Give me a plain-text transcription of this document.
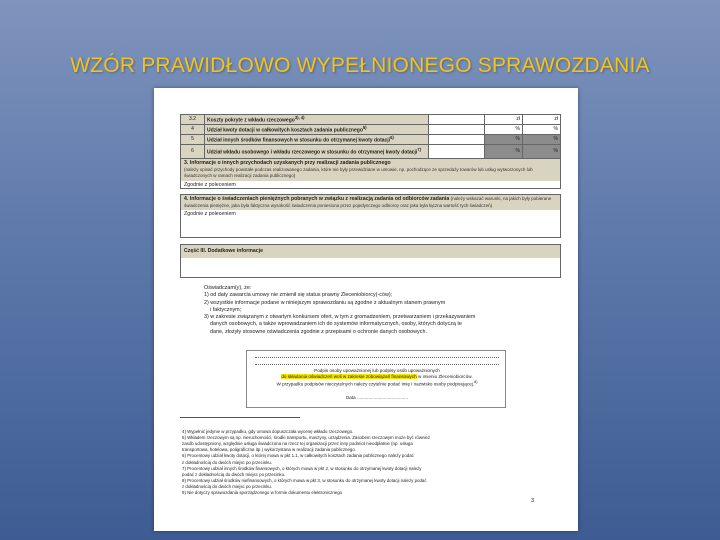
WZÓR PRAWIDŁOWO WYPEŁNIONEGO SPRAWOZDANIA
3.2	Koszty pokryte z wkładu rzeczowego$^{3), 4)}$		zł	zł
4	Udział kwoty dotacji w całkowitych kosztach zadania publicznego$^{5)}$		%	%
5	Udział innych środków finansowych w stosunku do otrzymanej kwoty dotacji$^{6)}$		%	%
6	Udział wkładu osobowego i wkładu rzeczowego w stosunku do otrzymanej kwoty dotacji$^{7)}$		%	%
3. Informacje o innych przychodach uzyskanych przy realizacji zadania publicznego
(należy opisać przychody powstałe podczas realizowanego zadania, które nie były przewidziane w umowie, np. pochodzące ze sprzedaży towarów lub usług wytworzonych lub świadczonych w ramach realizacji zadania publicznego)
Zgodnie z poleceniem
4. Informacje o świadczeniach pieniężnych pobranych w związku z realizacją zadania od odbiorców zadania (należy wskazać warunki, na jakich były pobierane świadczenia pieniężne, jaka była faktyczna wysokość świadczenia poniesiona przez pojedynczego odbiorcę oraz jaka była łączna wartość tych świadczeń)
Zgodnie z poleceniem
Część III. Dodatkowe informacje

Oświadczam(y), że:

1) od daty zawarcia umowy nie zmienił się status prawny Zleceniobiorcy(-ców);

2) wszystkie informacje podane w niniejszym sprawozdaniu są zgodne z aktualnym stanem prawnym

i faktycznym;

3) w zakresie związanym z otwartym konkursem ofert, w tym z gromadzeniem, przetwarzaniem i przekazywaniem

danych osobowych, a także wprowadzaniem ich do systemów informatycznych, osoby, których dotyczą te

dane, złożyły stosowne oświadczenia zgodnie z przepisami o ochronie danych osobowych.

Podpis osoby upoważnionej lub podpisy osób upoważnionych
do składania oświadczeń woli w zakresie zobowiązań finansowych w imieniu Zleceniobiorców.
W przypadku podpisów nieczytelnych należy czytelnie podać imię i nazwisko osoby podpisującej.$^{8)}$
Data ........................................

4) Wypełnić jedynie w przypadku, gdy umowa dopuszczała wycenę wkładu rzeczowego.

5) Wkładem rzeczowym są np. nieruchomości, środki transportu, maszyny, urządzenia. Zasobem rzeczowym może być również

zasób udostępniony, względnie usługa świadczona na rzecz tej organizacji przez inny podmiot nieodpłatnie (np. usługa

transportowa, hotelowa, poligraficzna itp.) wykorzystana w realizacji zadania publicznego.

6) Procentowy udział kwoty dotacji, o której mowa w pkt 1.1, w całkowitych kosztach zadania publicznego należy podać

z dokładnością do dwóch miejsc po przecinku.

7) Procentowy udział innych środków finansowych, o których mowa w pkt 2, w stosunku do otrzymanej kwoty dotacji należy

podać z dokładnością do dwóch miejsc po przecinku.

8) Procentowy udział środków niefinansowych, o których mowa w pkt 3, w stosunku do otrzymanej kwoty dotacji należy podać

z dokładnością do dwóch miejsc po przecinku.

9) Nie dotyczy sprawozdania sporządzonego w formie dokumentu elektronicznego

3
